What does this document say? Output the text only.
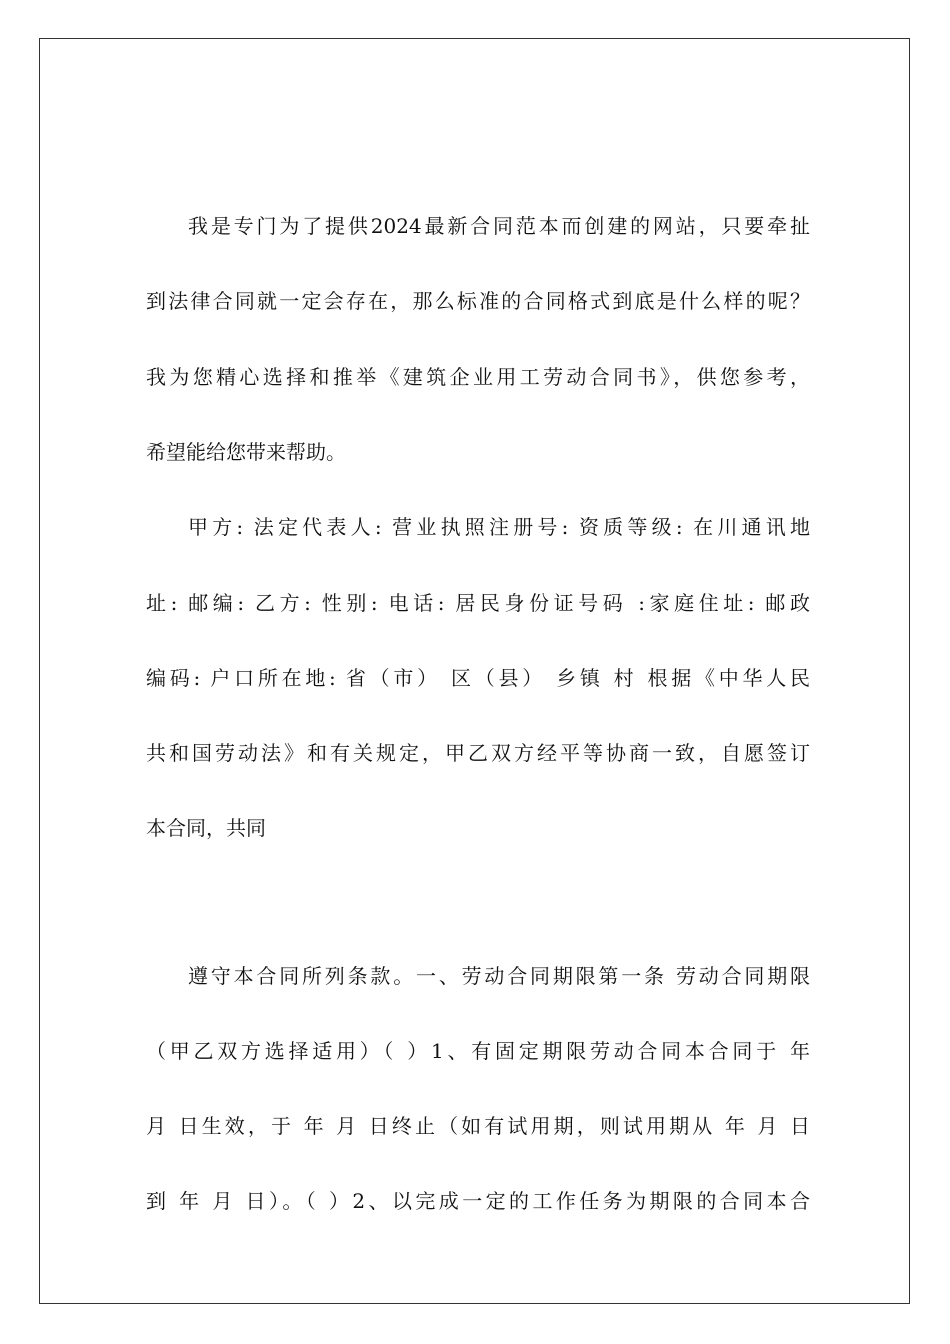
我是专门为了提供2024最新合同范本而创建的网站，只要牵扯
到法律合同就一定会存在，那么标准的合同格式到底是什么样的呢？
我为您精心选择和推举《建筑企业用工劳动合同书》，供您参考，
希望能给您带来帮助。
甲方: 法定代表人: 营业执照注册号: 资质等级: 在川通讯地
址: 邮编: 乙方: 性别: 电话: 居民身份证号码 :家庭住址: 邮政
编码: 户口所在地: 省（市） 区（县） 乡镇 村 根据《中华人民
共和国劳动法》和有关规定，甲乙双方经平等协商一致，自愿签订
本合同，共同
遵守本合同所列条款。一、劳动合同期限第一条 劳动合同期限
（甲乙双方选择适用）（ ）1、有固定期限劳动合同本合同于 年
月 日生效，于 年 月 日终止（如有试用期，则试用期从 年 月 日
到 年 月 日）。（ ）2、以完成一定的工作任务为期限的合同本合
